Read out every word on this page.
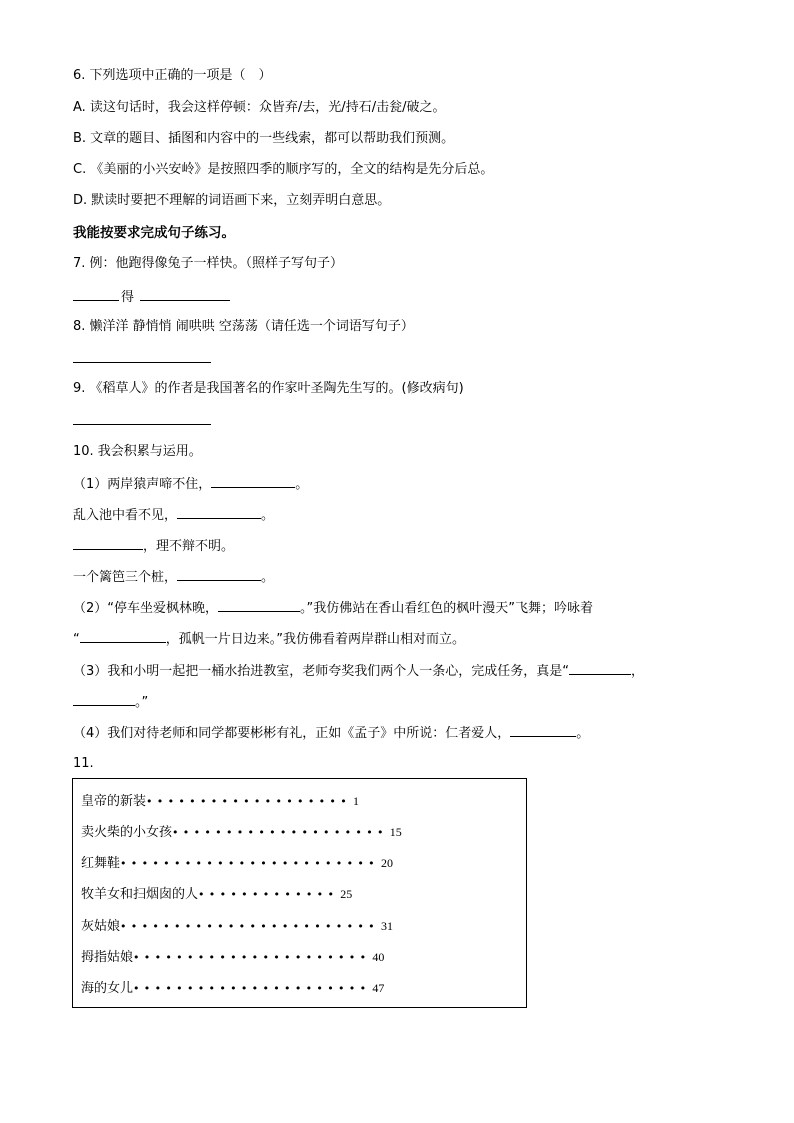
6. 下列选项中正确的一项是（　）
A. 读这句话时，我会这样停顿：众皆弃/去，光/持石/击瓮/破之。
B. 文章的题目、插图和内容中的一些线索，都可以帮助我们预测。
C. 《美丽的小兴安岭》是按照四季的顺序写的，全文的结构是先分后总。
D. 默读时要把不理解的词语画下来，立刻弄明白意思。
我能按要求完成句子练习。
7. 例：他跑得像兔子一样快。（照样子写句子）
得
8. 懒洋洋 静悄悄 闹哄哄 空荡荡（请任选一个词语写句子）
9. 《稻草人》的作者是我国著名的作家叶圣陶先生写的。(修改病句)
10. 我会积累与运用。
（1）两岸猿声啼不住，	。
乱入池中看不见，	。
，理不辩不明。
一个篱笆三个桩，	。
（2）“停车坐爱枫林晚，	。”我仿佛站在香山看红色的枫叶漫天”飞舞；吟咏着
“	，孤帆一片日边来。”我仿佛看着两岸群山相对而立。
（3）我和小明一起把一桶水抬进教室，老师夸奖我们两个人一条心，完成任务，真是“	，
。”
（4）我们对待老师和同学都要彬彬有礼，正如《孟子》中所说：仁者爱人，	。
11.
皇帝的新装••••••••••••••••••• 1
卖火柴的小女孩•••••••••••••••••••• 15
红舞鞋•••••••••••••••••••••••• 20
牧羊女和扫烟囱的人••••••••••••• 25
灰姑娘•••••••••••••••••••••••• 31
拇指姑娘•••••••••••••••••••••• 40
海的女儿•••••••••••••••••••••• 47
